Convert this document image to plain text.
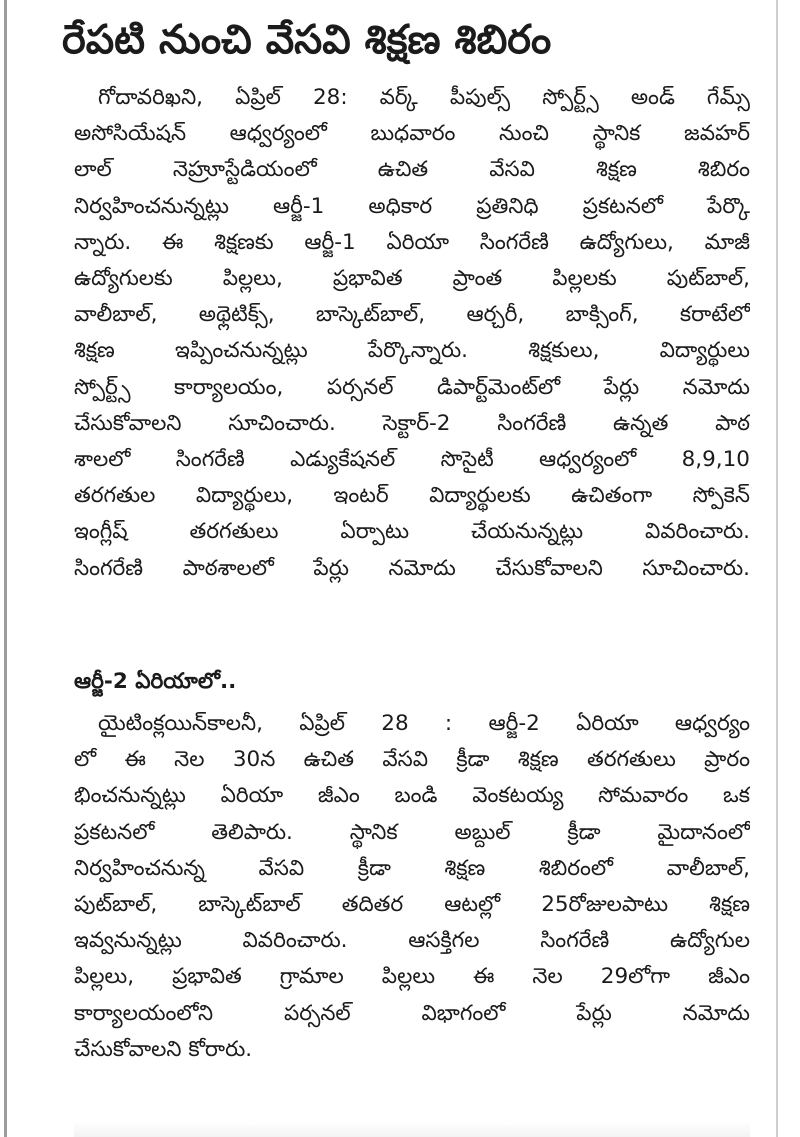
రేపటి నుంచి వేసవి శిక్షణ శిబిరం
గోదావరిఖని, ఏప్రిల్ 28: వర్క్ పీపుల్స్ స్పోర్ట్స్ అండ్ గేమ్స్
అసోసియేషన్ ఆధ్వర్యంలో బుధవారం నుంచి స్థానిక జవహర్
లాల్ నెహ్రూస్టేడియంలో ఉచిత వేసవి శిక్షణ శిబిరం
నిర్వహించనున్నట్లు ఆర్జీ-1 అధికార ప్రతినిధి ప్రకటనలో పేర్కొ
న్నారు. ఈ శిక్షణకు ఆర్జీ-1 ఏరియా సింగరేణి ఉద్యోగులు, మాజీ
ఉద్యోగులకు పిల్లలు, ప్రభావిత ప్రాంత పిల్లలకు పుట్‌బాల్,
వాలీబాల్, అథ్లెటిక్స్, బాస్కెట్‌బాల్, ఆర్చరీ, బాక్సింగ్, కరాటేలో
శిక్షణ ఇప్పించనున్నట్లు పేర్కొన్నారు. శిక్షకులు, విద్యార్థులు
స్పోర్ట్స్ కార్యాలయం, పర్సనల్ డిపార్ట్‌మెంట్‌లో పేర్లు నమోదు
చేసుకోవాలని సూచించారు. సెక్టార్-2 సింగరేణి ఉన్నత పాఠ
శాలలో సింగరేణి ఎడ్యుకేషనల్ సొసైటీ ఆధ్వర్యంలో 8,9,10
తరగతుల విద్యార్థులు, ఇంటర్ విద్యార్థులకు ఉచితంగా స్పోకెన్
ఇంగ్లీష్ తరగతులు ఏర్పాటు చేయనున్నట్లు వివరించారు.
సింగరేణి పాఠశాలలో పేర్లు నమోదు చేసుకోవాలని సూచించారు.
ఆర్జీ-2 ఏరియాలో..
యైటింక్లయిన్‌కాలనీ, ఏప్రిల్ 28 : ఆర్జీ-2 ఏరియా ఆధ్వర్యం
లో ఈ నెల 30న ఉచిత వేసవి క్రీడా శిక్షణ తరగతులు ప్రారం
భించనున్నట్లు ఏరియా జీఎం బండి వెంకటయ్య సోమవారం ఒక
ప్రకటనలో తెలిపారు. స్థానిక అబ్దుల్ క్రీడా మైదానంలో
నిర్వహించనున్న వేసవి క్రీడా శిక్షణ శిబిరంలో వాలీబాల్,
పుట్‌బాల్, బాస్కెట్‌బాల్ తదితర ఆటల్లో 25రోజులపాటు శిక్షణ
ఇవ్వనున్నట్లు వివరించారు. ఆసక్తిగల సింగరేణి ఉద్యోగుల
పిల్లలు, ప్రభావిత గ్రామాల పిల్లలు ఈ నెల 29లోగా జీఎం
కార్యాలయంలోని పర్సనల్ విభాగంలో పేర్లు నమోదు
చేసుకోవాలని కోరారు.
